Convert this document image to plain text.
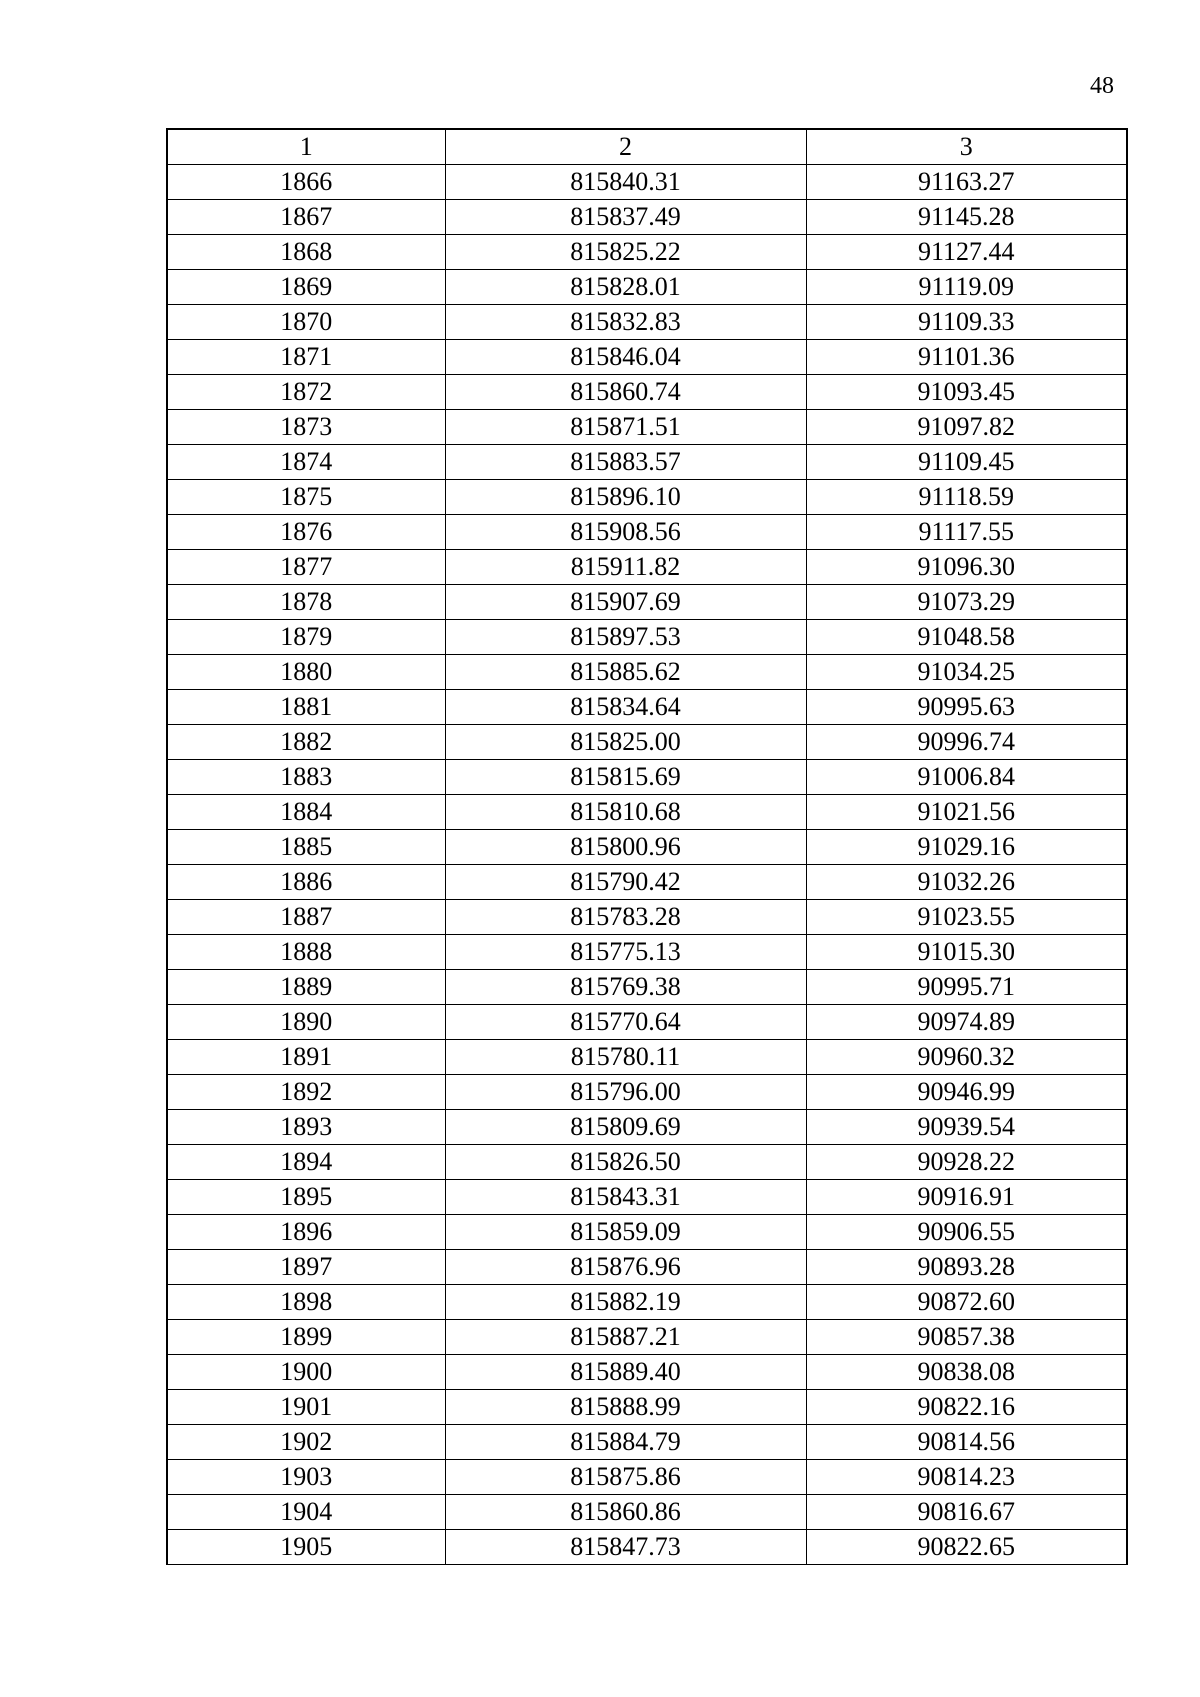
48
1	2	3
1866	815840.31	91163.27
1867	815837.49	91145.28
1868	815825.22	91127.44
1869	815828.01	91119.09
1870	815832.83	91109.33
1871	815846.04	91101.36
1872	815860.74	91093.45
1873	815871.51	91097.82
1874	815883.57	91109.45
1875	815896.10	91118.59
1876	815908.56	91117.55
1877	815911.82	91096.30
1878	815907.69	91073.29
1879	815897.53	91048.58
1880	815885.62	91034.25
1881	815834.64	90995.63
1882	815825.00	90996.74
1883	815815.69	91006.84
1884	815810.68	91021.56
1885	815800.96	91029.16
1886	815790.42	91032.26
1887	815783.28	91023.55
1888	815775.13	91015.30
1889	815769.38	90995.71
1890	815770.64	90974.89
1891	815780.11	90960.32
1892	815796.00	90946.99
1893	815809.69	90939.54
1894	815826.50	90928.22
1895	815843.31	90916.91
1896	815859.09	90906.55
1897	815876.96	90893.28
1898	815882.19	90872.60
1899	815887.21	90857.38
1900	815889.40	90838.08
1901	815888.99	90822.16
1902	815884.79	90814.56
1903	815875.86	90814.23
1904	815860.86	90816.67
1905	815847.73	90822.65
